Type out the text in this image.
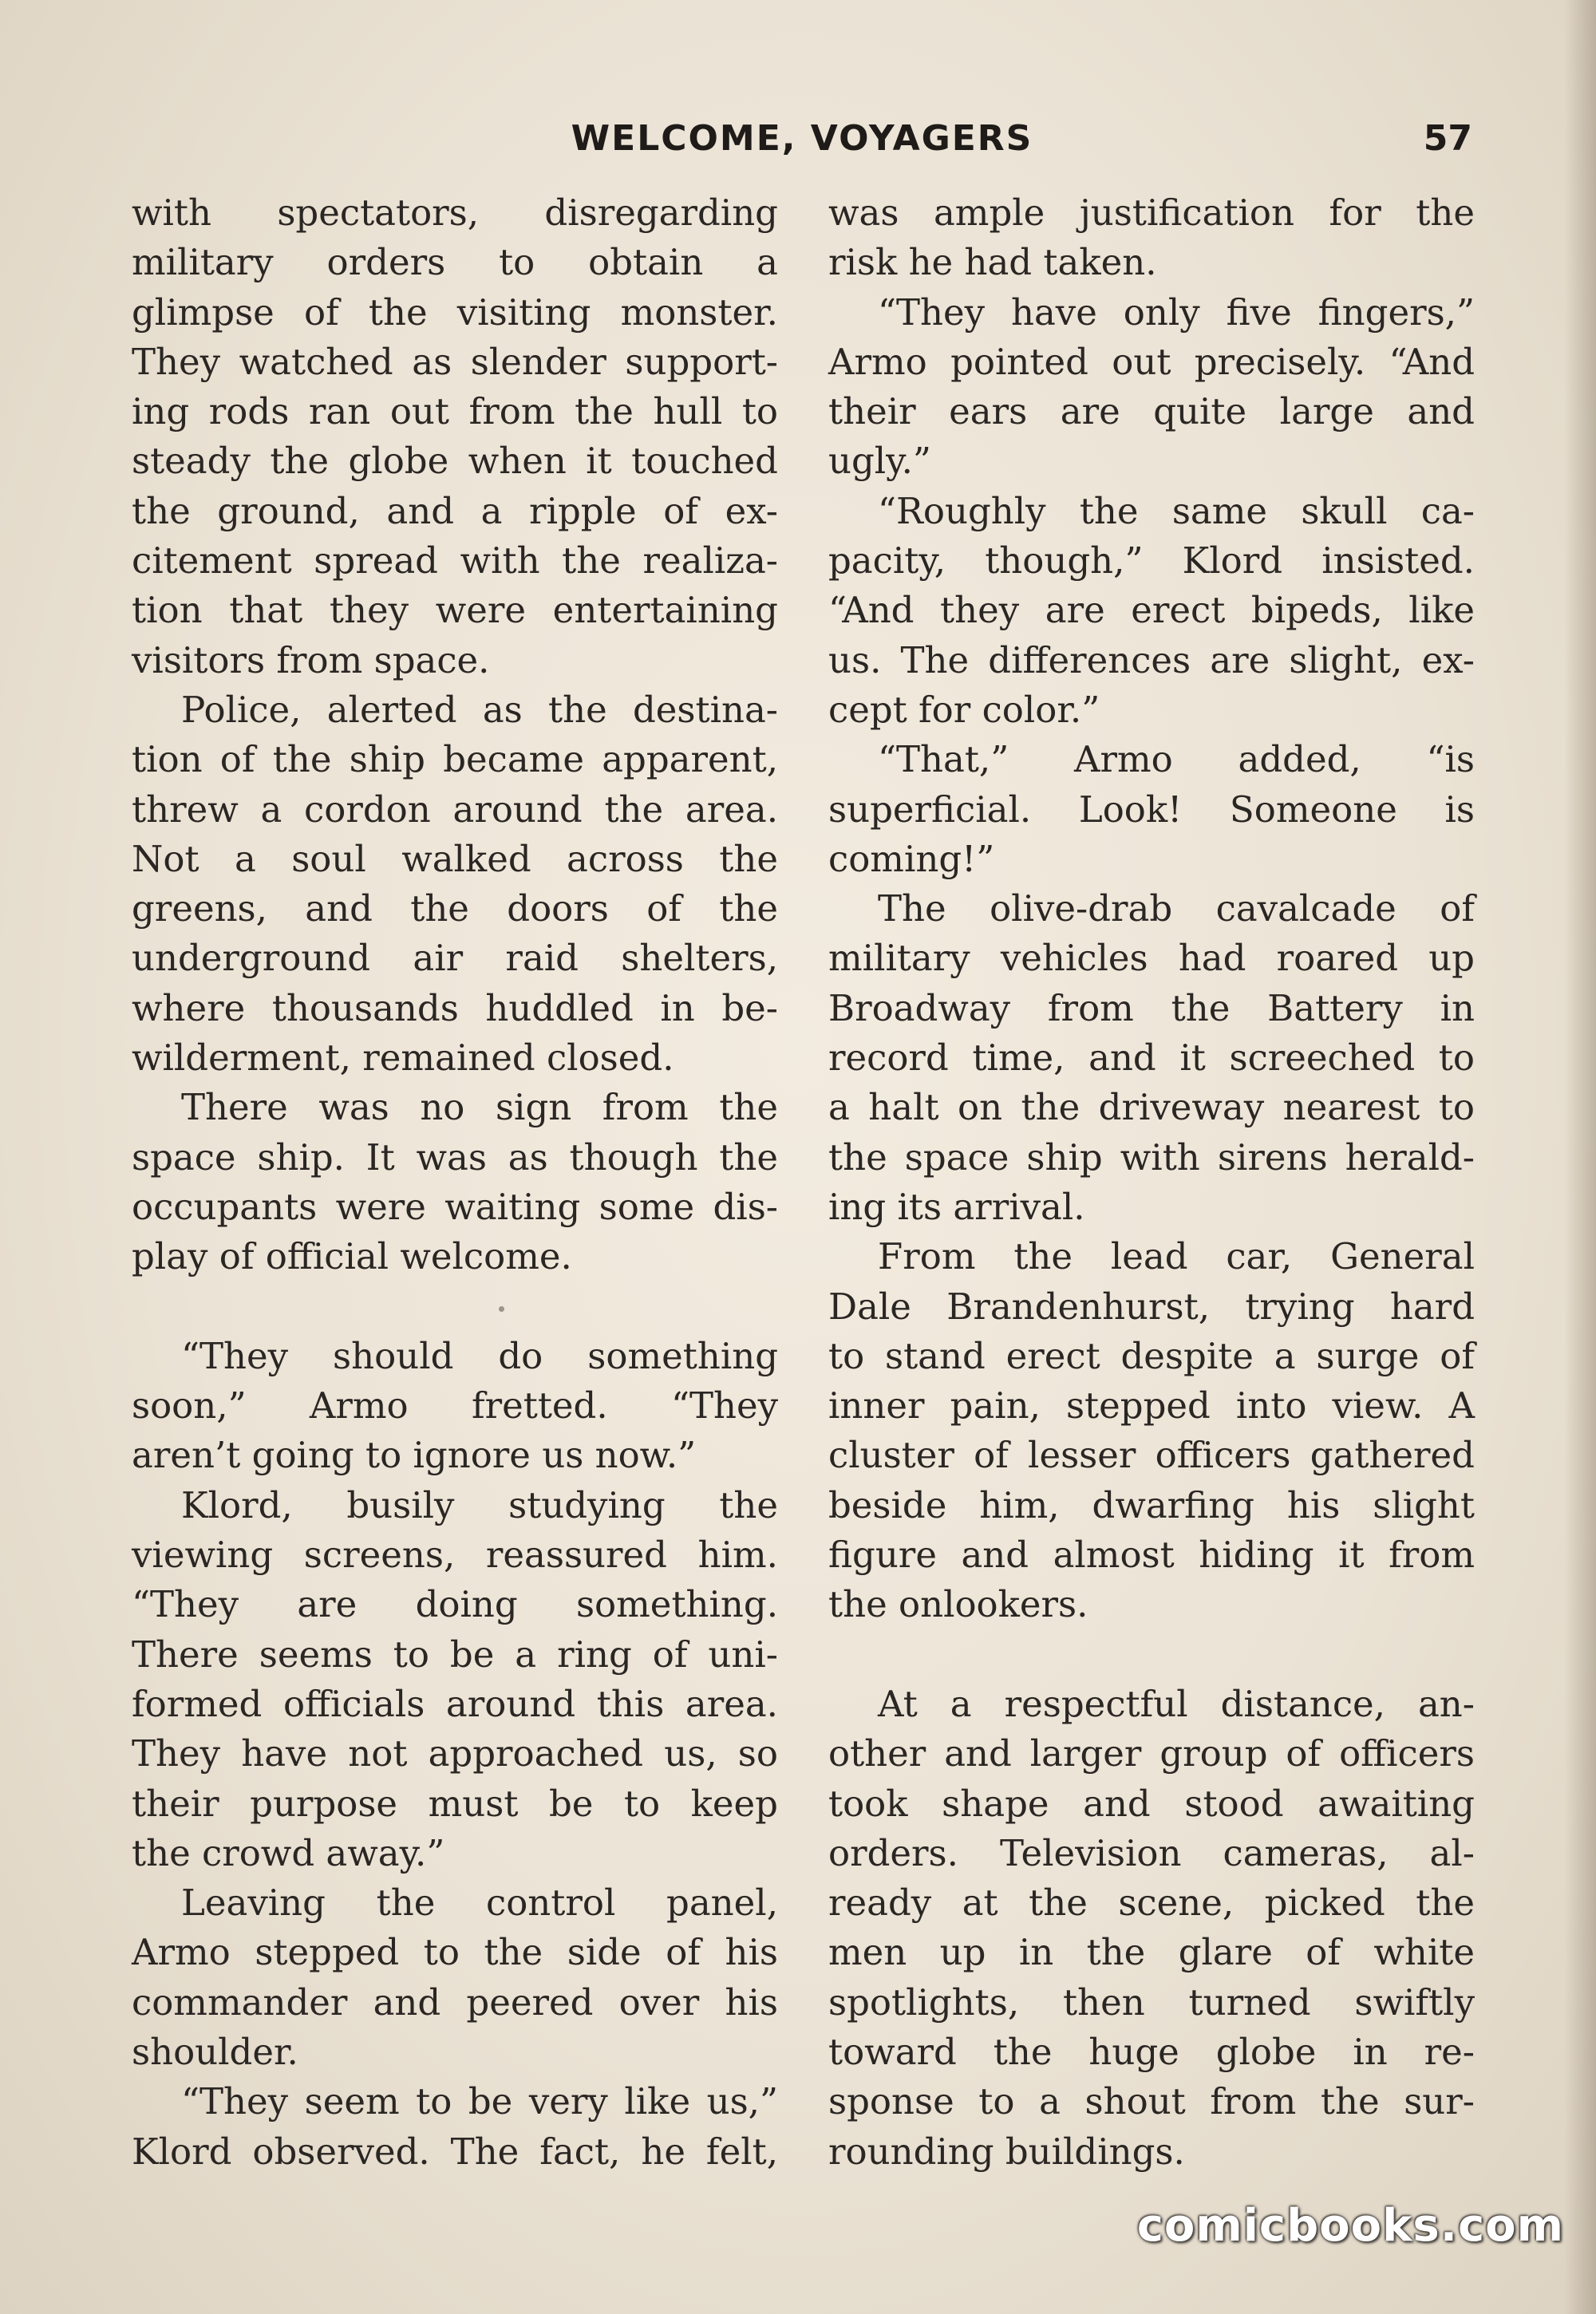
WELCOME, VOYAGERS	57
with spectators, disregarding
military orders to obtain a
glimpse of the visiting monster.
They watched as slender support-
ing rods ran out from the hull to
steady the globe when it touched
the ground, and a ripple of ex-
citement spread with the realiza-
tion that they were entertaining
visitors from space.
Police, alerted as the destina-
tion of the ship became apparent,
threw a cordon around the area.
Not a soul walked across the
greens, and the doors of the
underground air raid shelters,
where thousands huddled in be-
wilderment, remained closed.
There was no sign from the
space ship. It was as though the
occupants were waiting some dis-
play of official welcome.
“They should do something
soon,” Armo fretted. “They
aren’t going to ignore us now.”
Klord, busily studying the
viewing screens, reassured him.
“They are doing something.
There seems to be a ring of uni-
formed officials around this area.
They have not approached us, so
their purpose must be to keep
the crowd away.”
Leaving the control panel,
Armo stepped to the side of his
commander and peered over his
shoulder.
“They seem to be very like us,”
Klord observed. The fact, he felt,
was ample justification for the
risk he had taken.
“They have only five fingers,”
Armo pointed out precisely. “And
their ears are quite large and
ugly.”
“Roughly the same skull ca-
pacity, though,” Klord insisted.
“And they are erect bipeds, like
us. The differences are slight, ex-
cept for color.”
“That,” Armo added, “is
superficial. Look! Someone is
coming!”
The olive-drab cavalcade of
military vehicles had roared up
Broadway from the Battery in
record time, and it screeched to
a halt on the driveway nearest to
the space ship with sirens herald-
ing its arrival.
From the lead car, General
Dale Brandenhurst, trying hard
to stand erect despite a surge of
inner pain, stepped into view. A
cluster of lesser officers gathered
beside him, dwarfing his slight
figure and almost hiding it from
the onlookers.
At a respectful distance, an-
other and larger group of officers
took shape and stood awaiting
orders. Television cameras, al-
ready at the scene, picked the
men up in the glare of white
spotlights, then turned swiftly
toward the huge globe in re-
sponse to a shout from the sur-
rounding buildings.
comicbooks.com
